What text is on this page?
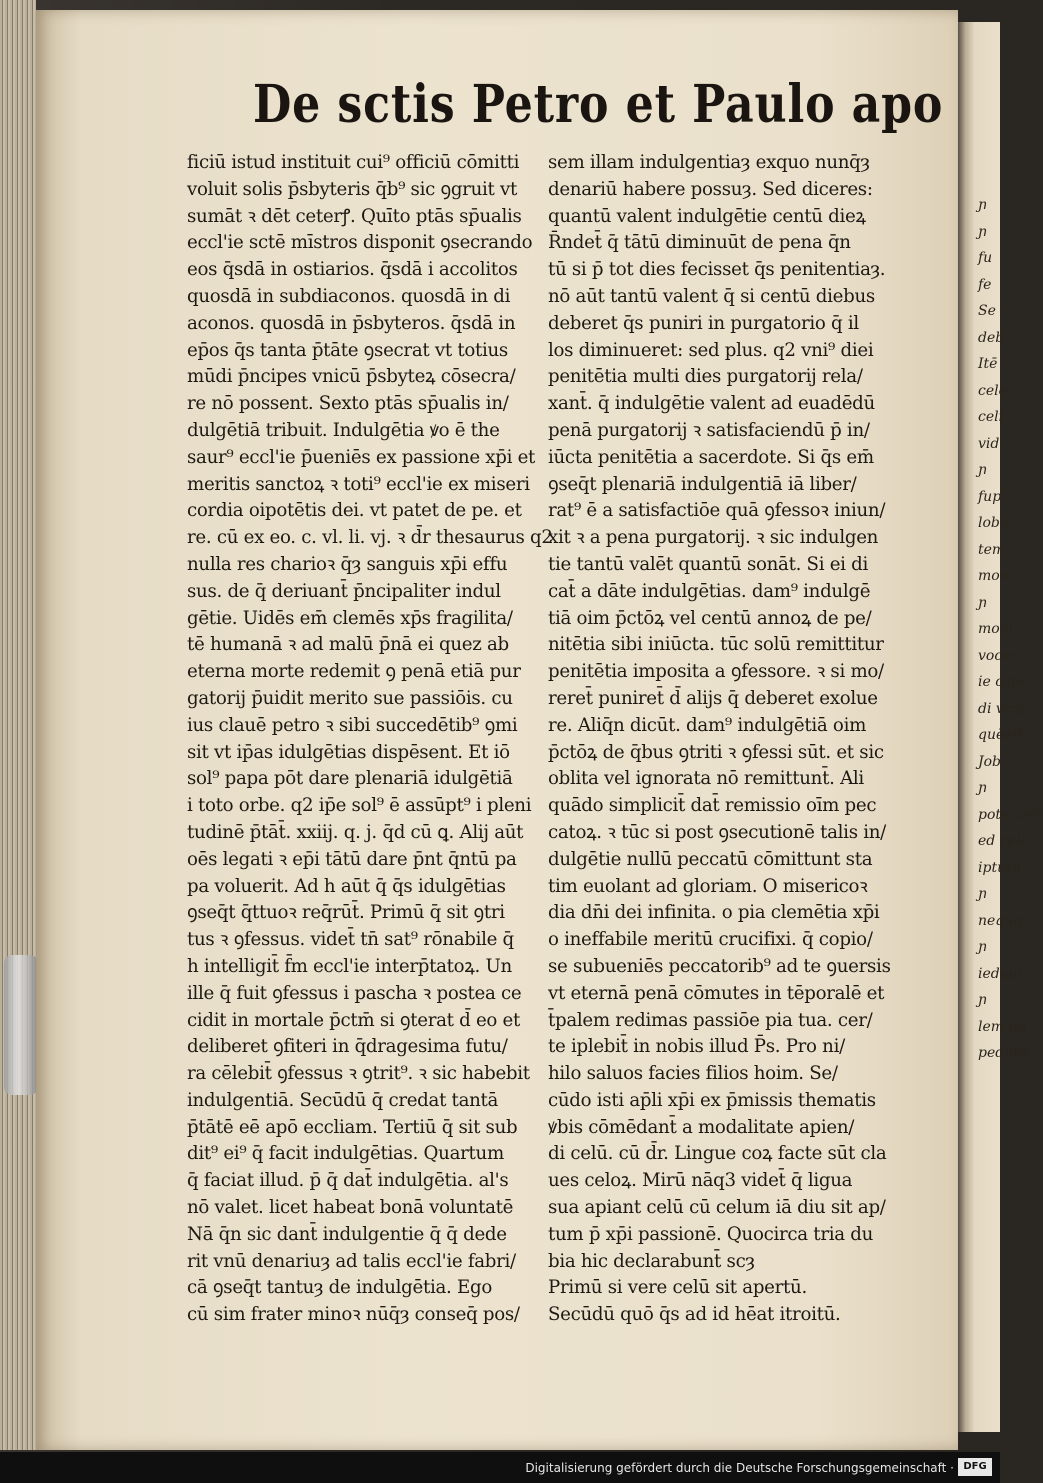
ɲ
ɲ
fu
fe
Se
deb
Itē
cele
celi
vid
ɲ
fup
lobe
tem
mon
ɲ
moni
vocec
ie cele
di virg
quēeft
Job.
ɲ
pote cele
ed celi
iptura
ɲ
nequit
ɲ
iedaur
ɲ
lem nu
pedimē
De sctis Petro et Paulo apo
ficiū istud instituit cui⁹ officiū cōmitti
voluit solis p̄sbyteris q̄b⁹ sic ꝯgruit vt
sumāt ꝛ dēt ceterꝭ. Quīto ptās sp̄ualis
eccl'ie sctē mīstros disponit ꝯsecrando
eos q̄sdā in ostiarios. q̄sdā i accolitos
quosdā in subdiaconos. quosdā in di
aconos. quosdā in p̄sbyteros. q̄sdā in
ep̄os q̄s tanta p̄tāte ꝯsecrat vt totius
mūdi p̄ncipes vnicū p̄sbyteꝝ cōsecra/
re nō possent. Sexto ptās sp̄ualis in/
dulgētiā tribuit. Indulgētia ꝟo ē the
saur⁹ eccl'ie p̄ueniēs ex passione xp̄i et
meritis sanctoꝝ ꝛ toti⁹ eccl'ie ex miseri
cordia oipotētis dei. vt patet de pe. et
re. cū ex eo. c. vl. li. vj. ꝛ d̄r thesaurus q2
nulla res charioꝛ q̄ȝ sanguis xp̄i effu
sus. de q̄ deriuant̄ p̄ncipaliter indul
gētie. Uidēs em̄ clemēs xp̄s fragilita/
tē humanā ꝛ ad malū p̄nā ei quez ab
eterna morte redemit ꝯ penā etiā pur
gatorij p̄uidit merito sue passiōis. cu
ius clauē petro ꝛ sibi succedētib⁹ ꝯmi
sit vt ip̄as idulgētias dispēsent. Et iō
sol⁹ papa pōt dare plenariā idulgētiā
i toto orbe. q2 ip̄e sol⁹ ē assūpt⁹ i pleni
tudinē p̄tāt̄. xxiij. q. j. q̄d cū ꝗ. Alij aūt
oēs legati ꝛ ep̄i tātū dare p̄nt q̄ntū pa
pa voluerit. Ad h aūt q̄ q̄s idulgētias
ꝯseq̄t q̄ttuoꝛ req̄rūt̄. Primū q̄ sit ꝯtri
tus ꝛ ꝯfessus. videt̄ tn̄ sat⁹ rōnabile q̄
h intelligit̄ f̄m eccl'ie interp̄tatoꝝ. Un
ille q̄ fuit ꝯfessus i pascha ꝛ postea ce
cidit in mortale p̄ctm̄ si ꝯterat d̄ eo et
deliberet ꝯfiteri in q̄dragesima futu/
ra cēlebit̄ ꝯfessus ꝛ ꝯtrit⁹. ꝛ sic habebit
indulgentiā. Secūdū q̄ credat tantā
p̄tātē eē apō eccliam. Tertiū q̄ sit sub
dit⁹ ei⁹ q̄ facit indulgētias. Quartum
q̄ faciat illud. p̄ q̄ dat̄ indulgētia. al's
nō valet. licet habeat bonā voluntatē
Nā q̄n sic dant̄ indulgentie q̄ q̄ dede
rit vnū denariuȝ ad talis eccl'ie fabri/
cā ꝯseq̄t tantuȝ de indulgētia. Ego
cū sim frater minoꝛ nūq̄ȝ conseq̄ pos/
sem illam indulgentiaȝ exquo nunq̄ȝ
denariū habere possuȝ. Sed diceres:
quantū valent indulgētie centū dieꝝ
R̄ndet̄ q̄ tātū diminuūt de pena q̄n
tū si p̄ tot dies fecisset q̄s penitentiaȝ.
nō aūt tantū valent q̄ si centū diebus
deberet q̄s puniri in purgatorio q̄ il
los diminueret: sed plus. q2 vni⁹ diei
penitētia multi dies purgatorij rela/
xant̄. q̄ indulgētie valent ad euadēdū
penā purgatorij ꝛ satisfaciendū p̄ in/
iūcta penitētia a sacerdote. Si q̄s em̄
ꝯseq̄t plenariā indulgentiā iā liber/
rat⁹ ē a satisfactiōe quā ꝯfessoꝛ iniun/
xit ꝛ a pena purgatorij. ꝛ sic indulgen
tie tantū valēt quantū sonāt. Si ei di
cat̄ a dāte indulgētias. dam⁹ indulgē
tiā oim p̄ctōꝝ vel centū annoꝝ de pe/
nitētia sibi iniūcta. tūc solū remittitur
penitētia imposita a ꝯfessore. ꝛ si mo/
reret̄ puniret̄ d̄ alijs q̄ deberet exolue
re. Aliq̄n dicūt. dam⁹ indulgētiā oim
p̄ctōꝝ de q̄bus ꝯtriti ꝛ ꝯfessi sūt. et sic
oblita vel ignorata nō remittunt̄. Ali
quādo simplicit̄ dat̄ remissio oīm pec
catoꝝ. ꝛ tūc si post ꝯsecutionē talis in/
dulgētie nullū peccatū cōmittunt sta
tim euolant ad gloriam. O misericoꝛ
dia dn̄i dei infinita. o pia clemētia xp̄i
o ineffabile meritū crucifixi. q̄ copio/
se subueniēs peccatorib⁹ ad te ꝯuersis
vt eternā penā cōmutes in tēporalē et
t̄palem redimas passiōe pia tua. cer/
te iplebit̄ in nobis illud P̄s. Pro ni/
hilo saluos facies filios hoim. Se/
cūdo isti ap̄li xp̄i ex p̄missis thematis
ꝟbis cōmēdant̄ a modalitate apien/
di celū. cū d̄r. Lingue coꝝ facte sūt cla
ues celoꝝ. Mirū nāq3 videt̄ q̄ ligua
sua apiant celū cū celum iā diu sit ap/
tum p̄ xp̄i passionē. Quocirca tria du
bia hic declarabunt̄ scȝ
Primū si vere celū sit apertū.
Secūdū quō q̄s ad id hēat itroitū.
Digitalisierung gefördert durch die Deutsche Forschungsgemeinschaft · DFG
